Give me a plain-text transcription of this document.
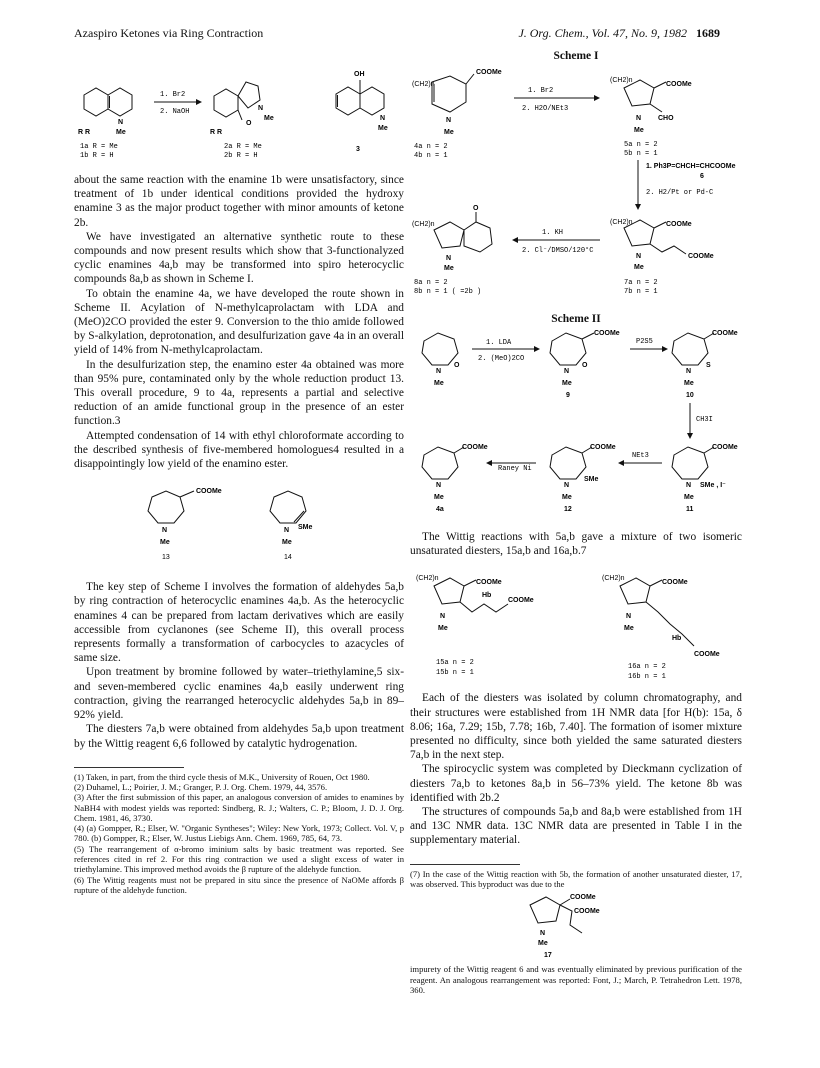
Azaspiro Ketones via Ring Contraction	J. Org. Chem., Vol. 47, No. 9, 1982 1689
N
Me
R R
1. Br2
2. NaOH
O
N
Me
R R
OH
N
Me
1a R = Me
1b R = H
2a R = Me
2b R = H
3

about the same reaction with the enamine 1b were unsatisfactory, since treatment of 1b under identical conditions provided the hydroxy enamine 3 as the major product together with minor amounts of ketone 2b.

We have investigated an alternative synthetic route to these compounds and now present results which show that 3-functionalyzed cyclic enamines 4a,b may be transformed into spiro heterocyclic compounds 8a,b as shown in Scheme I.

To obtain the enamine 4a, we have developed the route shown in Scheme II. Acylation of N-methylcaprolactam with LDA and (MeO)2CO provided the ester 9. Conversion to the thio amide followed by S-alkylation, deprotonation, and desulfurization gave 4a in an overall yield of 14% from N-methylcaprolactam.

In the desulfurization step, the enamino ester 4a obtained was more than 95% pure, contaminated only by the whole reduction product 13. This overall procedure, 9 to 4a, represents a partial and selective reduction of an amide functional group in the presence of an ester function.3

Attempted condensation of 14 with ethyl chloroformate according to the described synthesis of five-membered homologues4 resulted in a disappointingly low yield of the enamino ester.

COOMe
N
Me
13
SMe
N
Me
14

The key step of Scheme I involves the formation of aldehydes 5a,b by ring contraction of heterocyclic enamines 4a,b. As the heterocyclic enamines 4 can be prepared from lactam derivatives which are easily accessible from cyclanones (see Scheme II), this overall process represents formally a transformation of carbocycles to azacycles of same size.

Upon treatment by bromine followed by water–triethylamine,5 six- and seven-membered cyclic enamines 4a,b easily underwent ring contraction, giving the rearranged heterocyclic aldehydes 5a,b in 89–92% yield.

The diesters 7a,b were obtained from aldehydes 5a,b upon treatment by the Wittig reagent 6,6 followed by catalytic hydrogenation.

(1) Taken, in part, from the third cycle thesis of M.K., University of Rouen, Oct 1980.

(2) Duhamel, L.; Poirier, J. M.; Granger, P. J. Org. Chem. 1979, 44, 3576.

(3) After the first submission of this paper, an analogous conversion of amides to enamines by NaBH4 with modest yields was reported: Sindberg, R. J.; Walters, C. P.; Bloom, J. D. J. Org. Chem. 1981, 46, 3730.

(4) (a) Gompper, R.; Elser, W. "Organic Syntheses"; Wiley: New York, 1973; Collect. Vol. V, p 780. (b) Gompper, R.; Elser, W. Justus Liebigs Ann. Chem. 1969, 785, 64, 73.

(5) The rearrangement of α-bromo iminium salts by basic treatment was reported. See references cited in ref 2. For this ring contraction we used a slight excess of water in triethylamine. This improved method avoids the β rupture of the aldehyde function.

(6) The Wittig reagents must not be prepared in situ since the presence of NaOMe affords β rupture of the aldehyde function.

Scheme I

(CH2)n
COOMe
N
Me
4a n = 2
4b n = 1
1. Br2
2. H2O/NEt3
(CH2)n
COOMe
N CHO
Me
5a n = 2
5b n = 1
1. Ph3P=CHCH=CHCOOMe
6
2. H2/Pt or Pd-C
(CH2)n	COOMe
COOMe
N
Me
7a n = 2
7b n = 1
1. KH
2. Cl⁻/DMSO/120°C
(CH2)n
O
N
Me
8a n = 2
8b n = 1 ( =2b )

Scheme II

O
N
Me
1. LDA
2. (MeO)2CO
COOMe
O
N
Me
9
P2S5
COOMe
S
N
Me
10
CH3I
COOMe
N SMe , I⁻
Me
11
NEt3
COOMe
SMe
N
Me
12
Raney Ni
COOMe
N
Me
4a

The Wittig reactions with 5a,b gave a mixture of two isomeric unsaturated diesters, 15a,b and 16a,b.7

(CH2)n
COOMe
COOMe
Hb
N
Me
15a n = 2
15b n = 1
(CH2)n
COOMe
COOMe
Hb
N
Me
16a n = 2
16b n = 1

Each of the diesters was isolated by column chromatography, and their structures were established from 1H NMR data [for H(b): 15a, δ 8.06; 16a, 7.29; 15b, 7.78; 16b, 7.40]. The formation of isomer mixture presented no difficulty, since both yielded the same saturated diesters 7a,b in the next step.

The spirocyclic system was completed by Dieckmann cyclization of diesters 7a,b to ketones 8a,b in 56–73% yield. The ketone 8b was identified with 2b.2

The structures of compounds 5a,b and 8a,b were established from 1H and 13C NMR data. 13C NMR data are presented in Table I in the supplementary material.

(7) In the case of the Wittig reaction with 5b, the formation of another unsaturated diester, 17, was observed. This byproduct was due to the

COOMe
COOMe
N
Me
17

impurety of the Wittig reagent 6 and was eventually eliminated by previous purification of the reagent. An analogous rearrangement was reported: Font, J.; March, P. Tetrahedron Lett. 1978, 360.
